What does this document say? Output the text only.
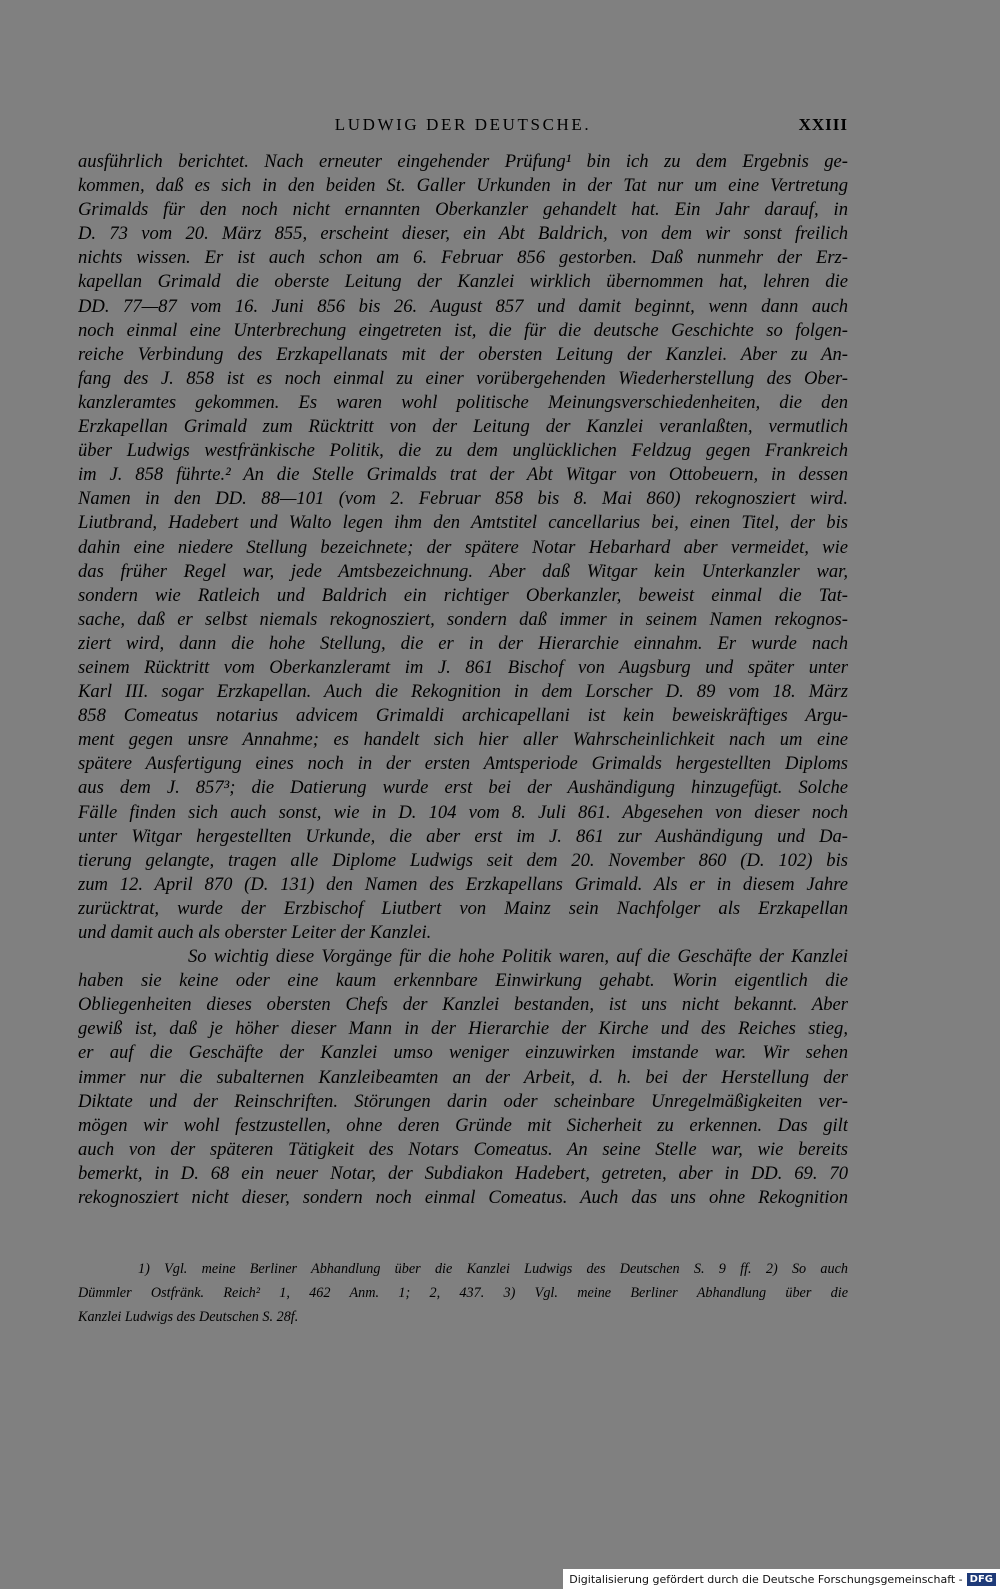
LUDWIG DER DEUTSCHE.	XXIII
ausführlich berichtet. Nach erneuter eingehender Prüfung¹ bin ich zu dem Ergebnis ge-
kommen, daß es sich in den beiden St. Galler Urkunden in der Tat nur um eine Vertretung
Grimalds für den noch nicht ernannten Oberkanzler gehandelt hat. Ein Jahr darauf, in
D. 73 vom 20. März 855, erscheint dieser, ein Abt Baldrich, von dem wir sonst freilich
nichts wissen. Er ist auch schon am 6. Februar 856 gestorben. Daß nunmehr der Erz-
kapellan Grimald die oberste Leitung der Kanzlei wirklich übernommen hat, lehren die
DD. 77—87 vom 16. Juni 856 bis 26. August 857 und damit beginnt, wenn dann auch
noch einmal eine Unterbrechung eingetreten ist, die für die deutsche Geschichte so folgen-
reiche Verbindung des Erzkapellanats mit der obersten Leitung der Kanzlei. Aber zu An-
fang des J. 858 ist es noch einmal zu einer vorübergehenden Wiederherstellung des Ober-
kanzleramtes gekommen. Es waren wohl politische Meinungsverschiedenheiten, die den
Erzkapellan Grimald zum Rücktritt von der Leitung der Kanzlei veranlaßten, vermutlich
über Ludwigs westfränkische Politik, die zu dem unglücklichen Feldzug gegen Frankreich
im J. 858 führte.² An die Stelle Grimalds trat der Abt Witgar von Ottobeuern, in dessen
Namen in den DD. 88—101 (vom 2. Februar 858 bis 8. Mai 860) rekognosziert wird.
Liutbrand, Hadebert und Walto legen ihm den Amtstitel cancellarius bei, einen Titel, der bis
dahin eine niedere Stellung bezeichnete; der spätere Notar Hebarhard aber vermeidet, wie
das früher Regel war, jede Amtsbezeichnung. Aber daß Witgar kein Unterkanzler war,
sondern wie Ratleich und Baldrich ein richtiger Oberkanzler, beweist einmal die Tat-
sache, daß er selbst niemals rekognosziert, sondern daß immer in seinem Namen rekognos-
ziert wird, dann die hohe Stellung, die er in der Hierarchie einnahm. Er wurde nach
seinem Rücktritt vom Oberkanzleramt im J. 861 Bischof von Augsburg und später unter
Karl III. sogar Erzkapellan. Auch die Rekognition in dem Lorscher D. 89 vom 18. März
858 Comeatus notarius advicem Grimaldi archicapellani ist kein beweiskräftiges Argu-
ment gegen unsre Annahme; es handelt sich hier aller Wahrscheinlichkeit nach um eine
spätere Ausfertigung eines noch in der ersten Amtsperiode Grimalds hergestellten Diploms
aus dem J. 857³; die Datierung wurde erst bei der Aushändigung hinzugefügt. Solche
Fälle finden sich auch sonst, wie in D. 104 vom 8. Juli 861. Abgesehen von dieser noch
unter Witgar hergestellten Urkunde, die aber erst im J. 861 zur Aushändigung und Da-
tierung gelangte, tragen alle Diplome Ludwigs seit dem 20. November 860 (D. 102) bis
zum 12. April 870 (D. 131) den Namen des Erzkapellans Grimald. Als er in diesem Jahre
zurücktrat, wurde der Erzbischof Liutbert von Mainz sein Nachfolger als Erzkapellan
und damit auch als oberster Leiter der Kanzlei.
So wichtig diese Vorgänge für die hohe Politik waren, auf die Geschäfte der Kanzlei
haben sie keine oder eine kaum erkennbare Einwirkung gehabt. Worin eigentlich die
Obliegenheiten dieses obersten Chefs der Kanzlei bestanden, ist uns nicht bekannt. Aber
gewiß ist, daß je höher dieser Mann in der Hierarchie der Kirche und des Reiches stieg,
er auf die Geschäfte der Kanzlei umso weniger einzuwirken imstande war. Wir sehen
immer nur die subalternen Kanzleibeamten an der Arbeit, d. h. bei der Herstellung der
Diktate und der Reinschriften. Störungen darin oder scheinbare Unregelmäßigkeiten ver-
mögen wir wohl festzustellen, ohne deren Gründe mit Sicherheit zu erkennen. Das gilt
auch von der späteren Tätigkeit des Notars Comeatus. An seine Stelle war, wie bereits
bemerkt, in D. 68 ein neuer Notar, der Subdiakon Hadebert, getreten, aber in DD. 69. 70
rekognosziert nicht dieser, sondern noch einmal Comeatus. Auch das uns ohne Rekognition
1) Vgl. meine Berliner Abhandlung über die Kanzlei Ludwigs des Deutschen S. 9 ff. 2) So auch
Dümmler Ostfränk. Reich² 1, 462 Anm. 1; 2, 437. 3) Vgl. meine Berliner Abhandlung über die
Kanzlei Ludwigs des Deutschen S. 28f.
Digitalisierung gefördert durch die Deutsche Forschungsgemeinschaft - DFG
